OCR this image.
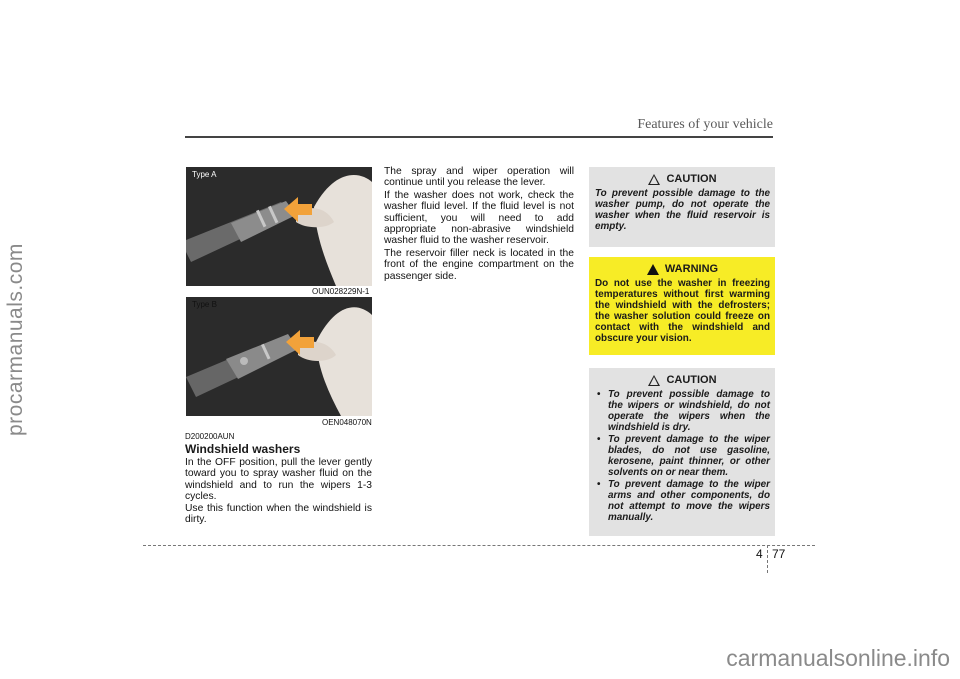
procarmanuals.com
Features of your vehicle
Type A
OUN028229N-1
Type B
OEN048070N
D200200AUN
Windshield washers
In the OFF position, pull the lever gently toward you to spray washer fluid on the windshield and to run the wipers 1-3 cycles.
Use this function when the windshield is dirty.
The spray and wiper operation will continue until you release the lever.
If the washer does not work, check the washer fluid level. If the fluid level is not sufficient, you will need to add appropriate non-abrasive windshield washer fluid to the washer reservoir.
The reservoir filler neck is located in the front of the engine compartment on the passenger side.
CAUTION
To prevent possible damage to the washer pump, do not operate the washer when the fluid reservoir is empty.
WARNING
Do not use the washer in freezing temperatures without first warming the windshield with the defrosters; the washer solution could freeze on contact with the windshield and obscure your vision.
CAUTION
• To prevent possible damage to the wipers or windshield, do not operate the wipers when the windshield is dry.
• To prevent damage to the wiper blades, do not use gasoline, kerosene, paint thinner, or other solvents on or near them.
• To prevent damage to the wiper arms and other components, do not attempt to move the wipers manually.
4 77
carmanualsonline.info
